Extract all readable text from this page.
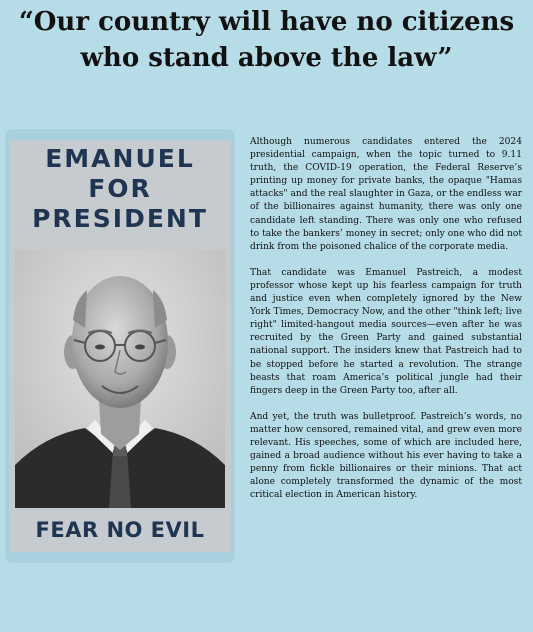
“Our country will have no citizens
who stand above the law”
EMANUEL
FOR
PRESIDENT
FEAR NO EVIL

Although numerous candidates entered the 2024 presidential campaign, when the topic turned to 9.11 truth, the COVID-19 operation, the Federal Reserve’s printing up money for private banks, the opaque "Hamas attacks" and the real slaughter in Gaza, or the endless war of the billionaires against humanity, there was only one candidate left standing. There was only one who refused to take the bankers’ money in secret; only one who did not drink from the poisoned chalice of the corporate media.

That candidate was Emanuel Pastreich, a modest professor whose kept up his fearless campaign for truth and justice even when completely ignored by the New York Times, Democracy Now, and the other "think left; live right" limited-hangout media sources—even after he was recruited by the Green Party and gained substantial national support. The insiders knew that Pastreich had to be stopped before he started a revolution. The strange beasts that roam America’s political jungle had their fingers deep in the Green Party too, after all.

And yet, the truth was bulletproof. Pastreich’s words, no matter how censored, remained vital, and grew even more relevant. His speeches, some of which are included here, gained a broad audience without his ever having to take a penny from fickle billionaires or their minions. That act alone completely transformed the dynamic of the most critical election in American history.
